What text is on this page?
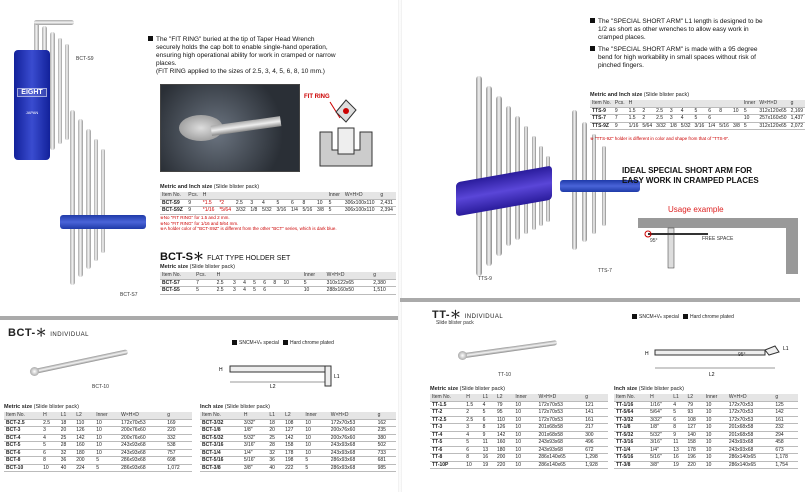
EIGHT
JAPAN
BCT-S9
BCT-S7
The "FIT RING" buried at the tip of Taper Head Wrench
securely holds the cap bolt to enable single-hand operation,
ensuring high operational ability for work in cramped or narrow
places.
(FIT RING applied to the sizes of 2.5, 3, 4, 5, 6, 8, 10 mm.)
FIT RING
Metric and Inch size (Slide blister pack)
Item No.	Pcs.	H									Inner	W×H×D	g
BCT-S9	9	*1.5	*2	2.5	3	4	5	6	8	10	5	306x100x110	2,431
BCT-S9Z	9	*1/16	*5/64	3/32	1/8	5/32	3/16	1/4	5/16	3/8	5	306x100x110	2,394
※No "FIT RING" for 1.5 and 2 mm.
※No "FIT RING" for 1/16 and 5/64 mm.
※A holder color of "BCT-S9Z" is different from the other "BCT" series, which is dark blue.
BCT-S＊ FLAT TYPE HOLDER SET
Metric size (Slide blister pack)
Item No.	Pcs.	H								Inner	W×H×D	g
BCT-S7	7	2.5	3	4	5	6	8	10		5	310x122x65	2,380
BCT-S5	5	2.5	3	4	5	6				10	288x160x50	1,510
BCT-＊ INDIVIDUAL
SNCM+Vₕ special Hard chrome plated
BCT-10	L2
L1
H
Metric size (Slide blister pack)
Item No.	H	L1	L2	Inner	W×H×D	g
BCT-2.5	2.5	18	110	10	172x70x53	169
BCT-3	3	20	126	10	200x76x60	220
BCT-4	4	25	142	10	200x76x60	332
BCT-5	5	28	160	10	243x93x68	538
BCT-6	6	32	180	10	243x93x68	757
BCT-8	8	36	200	5	286x93x68	698
BCT-10	10	40	224	5	286x93x68	1,072
Inch size (Slide blister pack)
Item No.	H	L1	L2	Inner	W×H×D	g
BCT-3/32	3/32"	18	108	10	172x70x53	162
BCT-1/8	1/8"	20	127	10	200x76x60	235
BCT-5/32	5/32"	25	142	10	200x76x60	380
BCT-3/16	3/16"	28	158	10	243x93x68	502
BCT-1/4	1/4"	32	178	10	243x93x68	733
BCT-5/16	5/16"	36	198	5	286x93x68	681
BCT-3/8	3/8"	40	222	5	286x93x68	985
TTS-9
TTS-7
The "SPECIAL SHORT ARM" L1 length is designed to be
1/2 as short as other wrenches to allow easy work in
cramped places.
The "SPECIAL SHORT ARM" is made with a 95 degree
bend for high workability in small spaces without risk of
pinched fingers.
Metric and Inch size (Slide blister pack)
Item No.	Pcs.	H									Inner	W×H×D	g
TTS-9	9	1.5	2	2.5	3	4	5	6	8	10	5	312x120x65	2,169
TTS-7	7	1.5	2	2.5	3	4	5	6			10	257x160x50	1,437
TTS-9Z	9	1/16	5/64	3/32	1/8	5/32	3/16	1/4	5/16	3/8	5	312x120x65	2,072
※ "TTS-9Z" holder is different in color and shape from that of "TTS-9".
IDEAL SPECIAL SHORT ARM FOR
EASY WORK IN CRAMPED PLACES
Usage example
95°	FREE SPACE
TT-＊ INDIVIDUAL
Slide blister pack
SNCM+Vₕ special Hard chrome plated
TT-10	L2
L1
H	95°
Metric size (Slide blister pack)
Item No.	H	L1	L2	Inner	W×H×D	g
TT-1.5	1.5	4	79	10	172x70x53	121
TT-2	2	5	95	10	172x70x53	141
TT-2.5	2.5	6	110	10	172x70x53	161
TT-3	3	8	126	10	201x68x58	217
TT-4	4	9	142	10	201x68x58	300
TT-5	5	11	160	10	243x93x68	496
TT-6	6	13	180	10	243x93x68	672
TT-8	8	16	200	10	286x140x65	1,298
TT-10P	10	19	220	10	286x140x65	1,928
Inch size (Slide blister pack)
Item No.	H	L1	L2	Inner	W×H×D	g
TT-1/16	1/16"	4	79	10	172x70x53	125
TT-5/64	5/64"	5	93	10	172x70x53	142
TT-3/32	3/32"	6	108	10	172x70x53	161
TT-1/8	1/8"	8	127	10	201x68x58	232
TT-5/32	5/32"	9	140	10	201x68x58	294
TT-3/16	3/16"	11	158	10	243x93x68	458
TT-1/4	1/4"	13	178	10	243x93x68	673
TT-5/16	5/16"	16	196	10	286x140x65	1,178
TT-3/8	3/8"	19	220	10	286x140x65	1,754
